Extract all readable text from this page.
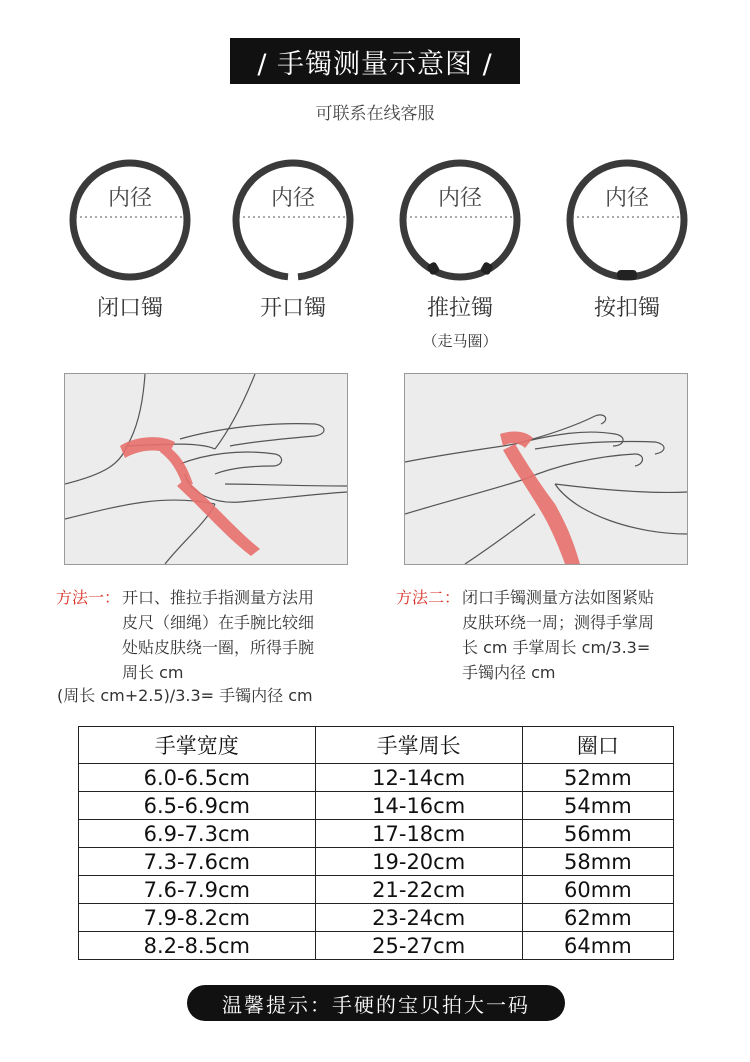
/ 手镯测量示意图 /
可联系在线客服
内径
闭口镯
内径
开口镯
内径
推拉镯
（走马圈）
内径
按扣镯
方法一： 开口、推拉手指测量方法用
皮尺（细绳）在手腕比较细
处贴皮肤绕一圈，所得手腕
周长 cm
(周长 cm+2.5)/3.3= 手镯内径 cm
方法二： 闭口手镯测量方法如图紧贴
皮肤环绕一周；测得手掌周
长 cm 手掌周长 cm/3.3=
手镯内径 cm
手掌宽度	手掌周长	圈口
6.0-6.5cm	12-14cm	52mm
6.5-6.9cm	14-16cm	54mm
6.9-7.3cm	17-18cm	56mm
7.3-7.6cm	19-20cm	58mm
7.6-7.9cm	21-22cm	60mm
7.9-8.2cm	23-24cm	62mm
8.2-8.5cm	25-27cm	64mm
温馨提示：手硬的宝贝拍大一码
